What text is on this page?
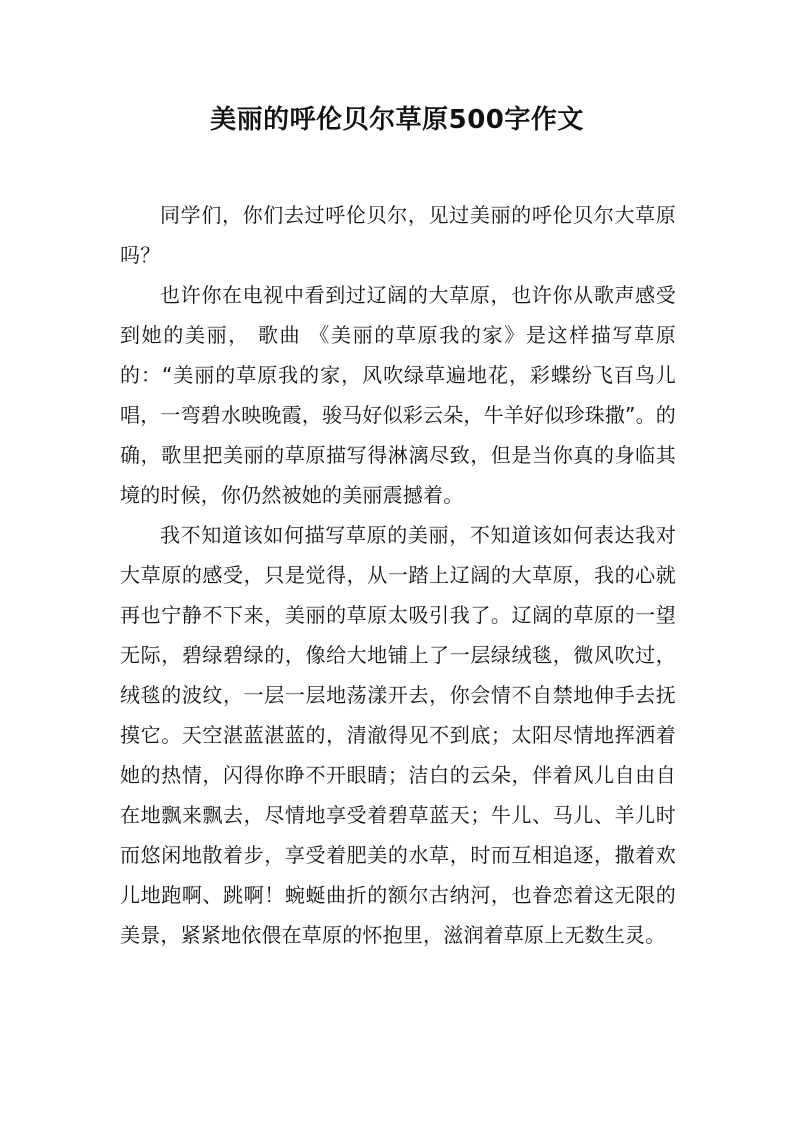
美丽的呼伦贝尔草原500字作文

同学们，你们去过呼伦贝尔，见过美丽的呼伦贝尔大草原吗？

也许你在电视中看到过辽阔的大草原，也许你从歌声感受到她的美丽， 歌曲 《美丽的草原我的家》是这样描写草原的：“美丽的草原我的家，风吹绿草遍地花，彩蝶纷飞百鸟儿唱，一弯碧水映晚霞，骏马好似彩云朵，牛羊好似珍珠撒”。的确，歌里把美丽的草原描写得淋漓尽致，但是当你真的身临其境的时候，你仍然被她的美丽震撼着。

我不知道该如何描写草原的美丽，不知道该如何表达我对大草原的感受，只是觉得，从一踏上辽阔的大草原，我的心就再也宁静不下来，美丽的草原太吸引我了。辽阔的草原的一望无际，碧绿碧绿的，像给大地铺上了一层绿绒毯，微风吹过，绒毯的波纹，一层一层地荡漾开去，你会情不自禁地伸手去抚摸它。天空湛蓝湛蓝的，清澈得见不到底；太阳尽情地挥洒着她的热情，闪得你睁不开眼睛；洁白的云朵，伴着风儿自由自在地飘来飘去，尽情地享受着碧草蓝天；牛儿、马儿、羊儿时而悠闲地散着步，享受着肥美的水草，时而互相追逐，撒着欢儿地跑啊、跳啊！蜿蜒曲折的额尔古纳河，也眷恋着这无限的美景，紧紧地依偎在草原的怀抱里，滋润着草原上无数生灵。
